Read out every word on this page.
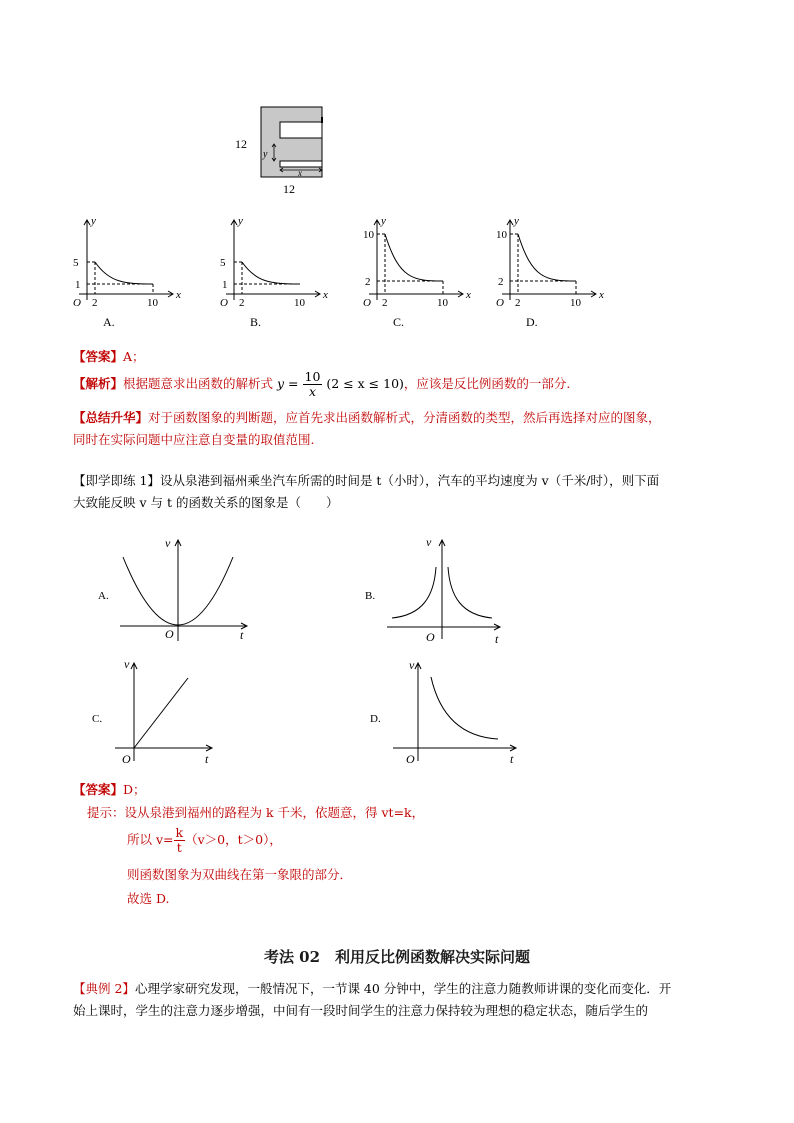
12
12
y
x
5
1
O 2	10
x
y
A.
5
1
O 2	10
x
y
B.
10
2
O 2	10
x
y
C.
10
2
O 2	10
x
y
D.
【答案】A；
【解析】根据题意求出函数的解析式 $y = \frac{10}{x} (2 \le x \le 10)$，应该是反比例函数的一部分.
【总结升华】对于函数图象的判断题，应首先求出函数解析式，分清函数的类型，然后再选择对应的图象，
同时在实际问题中应注意自变量的取值范围.
【即学即练 1】设从泉港到福州乘坐汽车所需的时间是 t（小时），汽车的平均速度为 v（千米/时），则下面
大致能反映 v 与 t 的函数关系的图象是（　　）
A.
v
t
O
B.
v
t
O
C.
v
t
O
D.
v
t
O
【答案】D；
提示：设从泉港到福州的路程为 k 千米，依题意，得 vt=k，
所以 $v= \frac{k}{t} (v>0$，t＞0），
则函数图象为双曲线在第一象限的部分．
故选 D.
考法 02　利用反比例函数解决实际问题
【典例 2】心理学家研究发现，一般情况下，一节课 40 分钟中，学生的注意力随教师讲课的变化而变化．开
始上课时，学生的注意力逐步增强，中间有一段时间学生的注意力保持较为理想的稳定状态，随后学生的
